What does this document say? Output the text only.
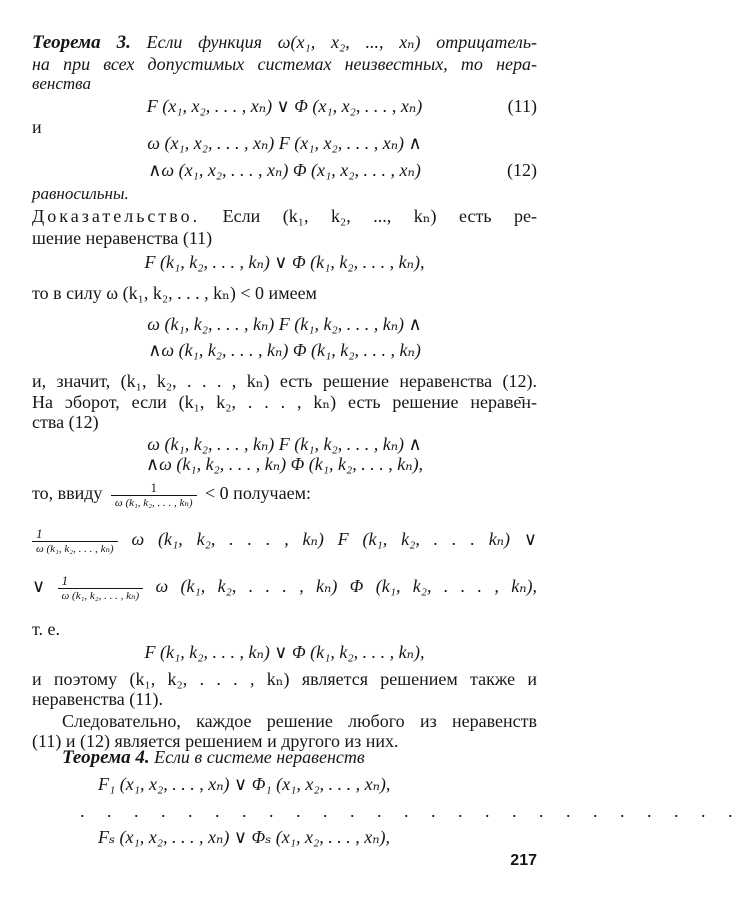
Теорема 3. Если функция ω(x₁, x₂, ..., xₙ) отрицатель-
на при всех допустимых системах неизвестных, то нера-
венства
F (x₁, x₂, . . . , xₙ) ∨ Φ (x₁, x₂, . . . , xₙ)	(11)
и
ω (x₁, x₂, . . . , xₙ) F (x₁, x₂, . . . , xₙ) ∧
∧ω (x₁, x₂, . . . , xₙ) Φ (x₁, x₂, . . . , xₙ)	(12)
равносильны.
Доказательство. Если (k₁, k₂, ..., kₙ) есть ре-
шение неравенства (11)
F (k₁, k₂, . . . , kₙ) ∨ Φ (k₁, k₂, . . . , kₙ),
то в силу ω (k₁, k₂, . . . , kₙ) < 0 имеем
ω (k₁, k₂, . . . , kₙ) F (k₁, k₂, . . . , kₙ) ∧
∧ω (k₁, k₂, . . . , kₙ) Φ (k₁, k₂, . . . , kₙ)
и, значит, (k₁, k₂, . . . , kₙ) есть решение неравенства (12).
На ɔборот, если (k₁, k₂, . . . , kₙ) есть решение нераве̄н-
ства (12)
ω (k₁, k₂, . . . , kₙ) F (k₁, k₂, . . . , kₙ) ∧
∧ω (k₁, k₂, . . . , kₙ) Φ (k₁, k₂, . . . , kₙ),
то, ввиду $\frac{1}{\text{ω (k₁, k₂, . . . , kₙ)}} < 0$ получаем:
$\frac{1}{\text{ω (k₁, k₂, . . . , kₙ)}}$ ω (k₁, k₂, . . . , kₙ) F (k₁, k₂, . . . kₙ) ∨
∨ $\frac{1}{\text{ω (k₁, k₂, . . . , kₙ)}}$ ω (k₁, k₂, . . . , kₙ) Φ (k₁, k₂, . . . , kₙ),
т. е.
F (k₁, k₂, . . . , kₙ) ∨ Φ (k₁, k₂, . . . , kₙ),
и поэтому (k₁, k₂, . . . , kₙ) является решением также и
неравенства (11).
Следовательно, каждое решение любого из неравенств
(11) и (12) является решением и другого из них.
Теорема 4. Если в системе неравенств
F₁ (x₁, x₂, . . . , xₙ) ∨ Φ₁ (x₁, x₂, . . . , xₙ),
. . . . . . . . . . . . . . . . . . . . . . . . .
Fₛ (x₁, x₂, . . . , xₙ) ∨ Φₛ (x₁, x₂, . . . , xₙ),
217
